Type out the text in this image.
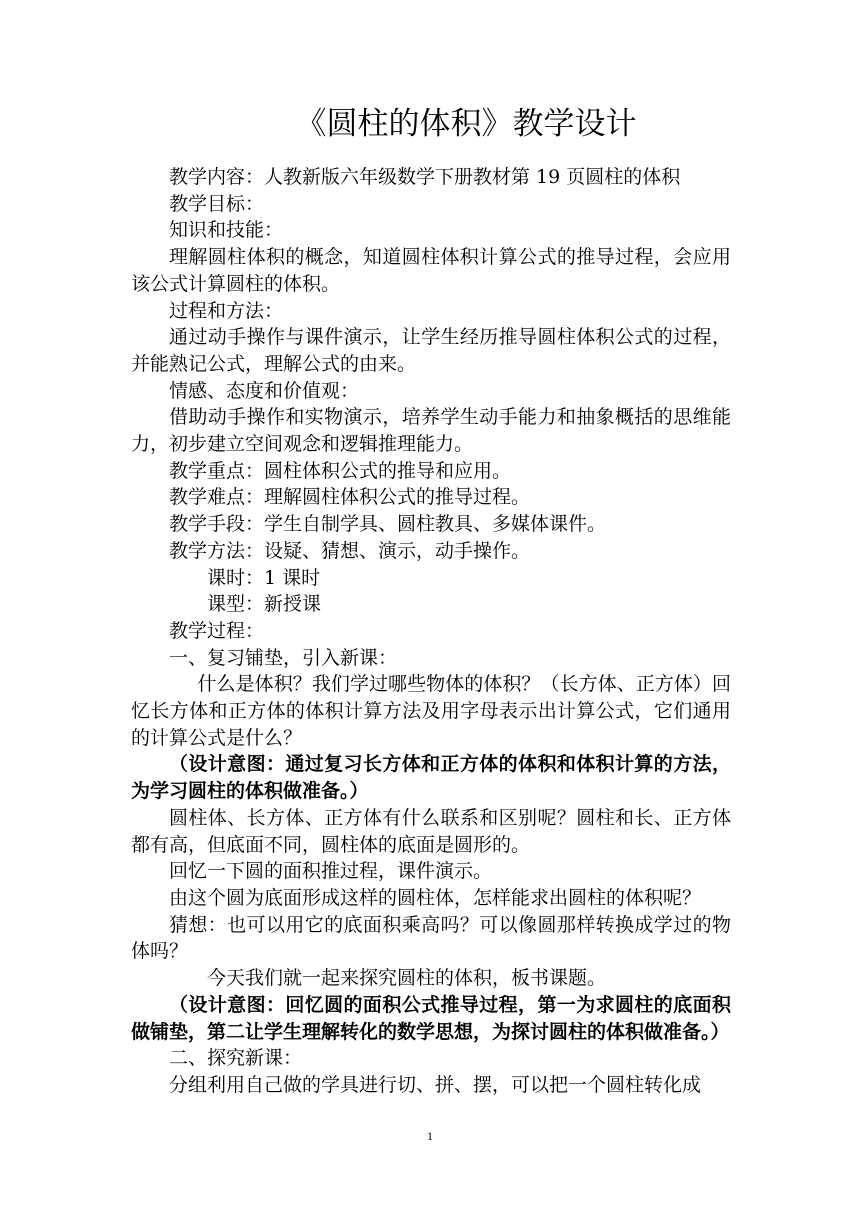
《圆柱的体积》教学设计

教学内容：人教新版六年级数学下册教材第 19 页圆柱的体积

教学目标：

知识和技能：

理解圆柱体积的概念，知道圆柱体积计算公式的推导过程，会应用该公式计算圆柱的体积。

过程和方法：

通过动手操作与课件演示，让学生经历推导圆柱体积公式的过程，并能熟记公式，理解公式的由来。

情感、态度和价值观：

借助动手操作和实物演示，培养学生动手能力和抽象概括的思维能力，初步建立空间观念和逻辑推理能力。

教学重点：圆柱体积公式的推导和应用。

教学难点：理解圆柱体积公式的推导过程。

教学手段：学生自制学具、圆柱教具、多媒体课件。

教学方法：设疑、猜想、演示，动手操作。

课时：1 课时

课型：新授课

教学过程：

一、复习铺垫，引入新课：

什么是体积？我们学过哪些物体的体积？（长方体、正方体）回忆长方体和正方体的体积计算方法及用字母表示出计算公式，它们通用的计算公式是什么？

（设计意图：通过复习长方体和正方体的体积和体积计算的方法，为学习圆柱的体积做准备。）

圆柱体、长方体、正方体有什么联系和区别呢？圆柱和长、正方体都有高，但底面不同，圆柱体的底面是圆形的。

回忆一下圆的面积推过程，课件演示。

由这个圆为底面形成这样的圆柱体，怎样能求出圆柱的体积呢？

猜想：也可以用它的底面积乘高吗？可以像圆那样转换成学过的物体吗？

今天我们就一起来探究圆柱的体积，板书课题。

（设计意图：回忆圆的面积公式推导过程，第一为求圆柱的底面积做铺垫，第二让学生理解转化的数学思想，为探讨圆柱的体积做准备。）

二、探究新课：

分组利用自己做的学具进行切、拼、摆，可以把一个圆柱转化成

1
